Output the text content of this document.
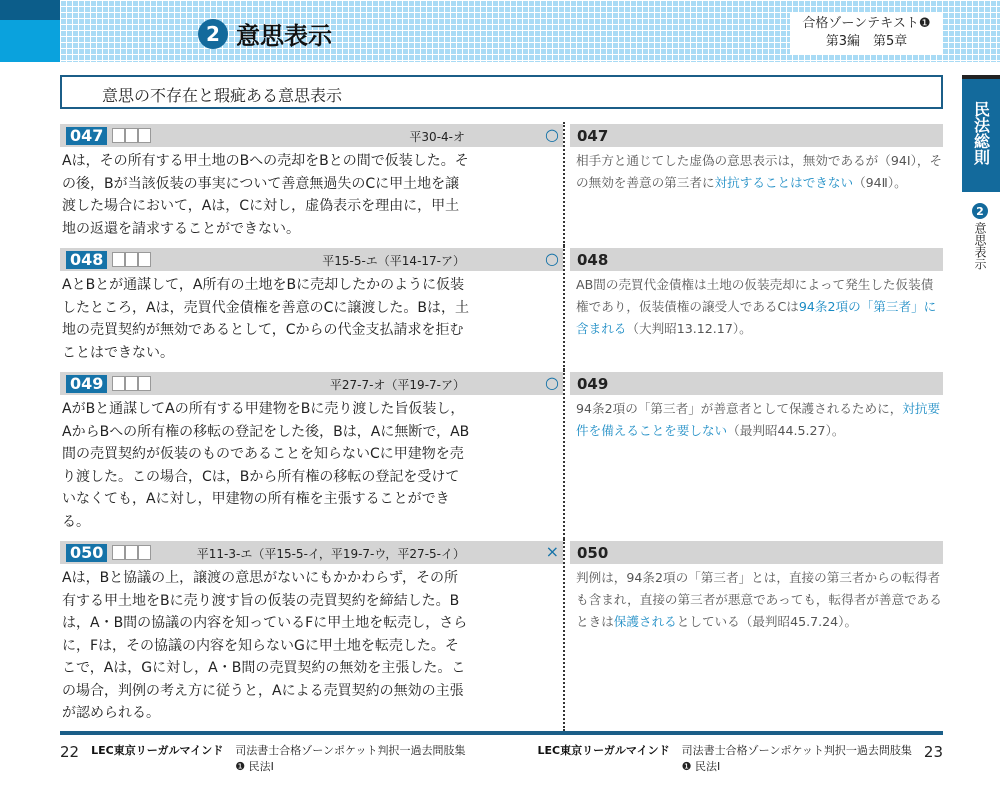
2 意思表示	合格ゾーンテキスト❶
第3編　第5章
意思の不存在と瑕疵ある意思表示
民法総則
2
意思表示
047	平30-4-オ	○
Aは，その所有する甲土地のBへの売却をBとの間で仮装した。その後，Bが当該仮装の事実について善意無過失のCに甲土地を譲渡した場合において，Aは，Cに対し，虚偽表示を理由に，甲土地の返還を請求することができない。
047
相手方と通じてした虚偽の意思表示は，無効であるが（94Ⅰ），その無効を善意の第三者に対抗することはできない（94Ⅱ）。
048	平15-5-エ（平14-17-ア）	○
AとBとが通謀して，A所有の土地をBに売却したかのように仮装したところ，Aは，売買代金債権を善意のCに譲渡した。Bは，土地の売買契約が無効であるとして，Cからの代金支払請求を拒むことはできない。
048
AB間の売買代金債権は土地の仮装売却によって発生した仮装債権であり，仮装債権の譲受人であるCは94条2項の「第三者」に含まれる（大判昭13.12.17）。
049	平27-7-オ（平19-7-ア）	○
AがBと通謀してAの所有する甲建物をBに売り渡した旨仮装し，AからBへの所有権の移転の登記をした後，Bは，Aに無断で，AB間の売買契約が仮装のものであることを知らないCに甲建物を売り渡した。この場合，Cは，Bから所有権の移転の登記を受けていなくても，Aに対し，甲建物の所有権を主張することができる。
049
94条2項の「第三者」が善意者として保護されるために，対抗要件を備えることを要しない（最判昭44.5.27）。
050	平11-3-エ（平15-5-イ，平19-7-ウ，平27-5-イ）	×
Aは，Bと協議の上，譲渡の意思がないにもかかわらず，その所有する甲土地をBに売り渡す旨の仮装の売買契約を締結した。Bは，A・B間の協議の内容を知っているFに甲土地を転売し，さらに，Fは，その協議の内容を知らないGに甲土地を転売した。そこで，Aは，Gに対し，A・B間の売買契約の無効を主張した。この場合，判例の考え方に従うと，Aによる売買契約の無効の主張が認められる。
050
判例は，94条2項の「第三者」とは，直接の第三者からの転得者も含まれ，直接の第三者が悪意であっても，転得者が善意であるときは保護されるとしている（最判昭45.7.24）。
22 LEC東京リーガルマインド 司法書士合格ゾーンポケット判択一過去問肢集
❶ 民法Ⅰ
LEC東京リーガルマインド 司法書士合格ゾーンポケット判択一過去問肢集
❶ 民法Ⅰ
23
